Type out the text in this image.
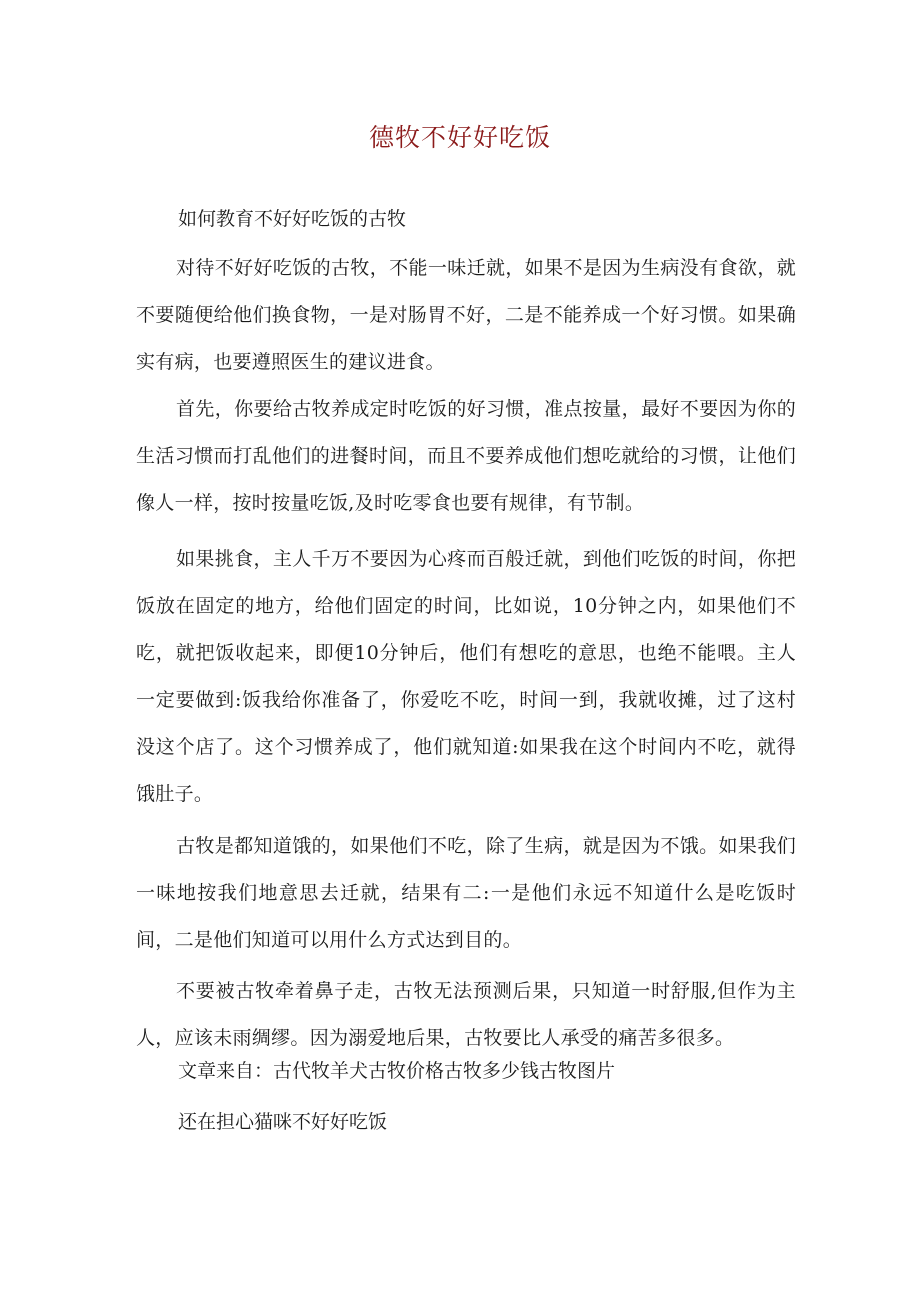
德牧不好好吃饭

如何教育不好好吃饭的古牧

对待不好好吃饭的古牧，不能一味迁就，如果不是因为生病没有食欲，就不要随便给他们换食物，一是对肠胃不好，二是不能养成一个好习惯。如果确实有病，也要遵照医生的建议进食。

首先，你要给古牧养成定时吃饭的好习惯，准点按量，最好不要因为你的生活习惯而打乱他们的进餐时间，而且不要养成他们想吃就给的习惯，让他们像人一样，按时按量吃饭,及时吃零食也要有规律，有节制。

如果挑食，主人千万不要因为心疼而百般迁就，到他们吃饭的时间，你把饭放在固定的地方，给他们固定的时间，比如说，10分钟之内，如果他们不吃，就把饭收起来，即便10分钟后，他们有想吃的意思，也绝不能喂。主人一定要做到:饭我给你准备了，你爱吃不吃，时间一到，我就收摊，过了这村没这个店了。这个习惯养成了，他们就知道:如果我在这个时间内不吃，就得饿肚子。

古牧是都知道饿的，如果他们不吃，除了生病，就是因为不饿。如果我们一味地按我们地意思去迁就，结果有二:一是他们永远不知道什么是吃饭时间，二是他们知道可以用什么方式达到目的。

不要被古牧牵着鼻子走，古牧无法预测后果，只知道一时舒服,但作为主人，应该未雨绸缪。因为溺爱地后果，古牧要比人承受的痛苦多很多。

文章来自：古代牧羊犬古牧价格古牧多少钱古牧图片

还在担心猫咪不好好吃饭
